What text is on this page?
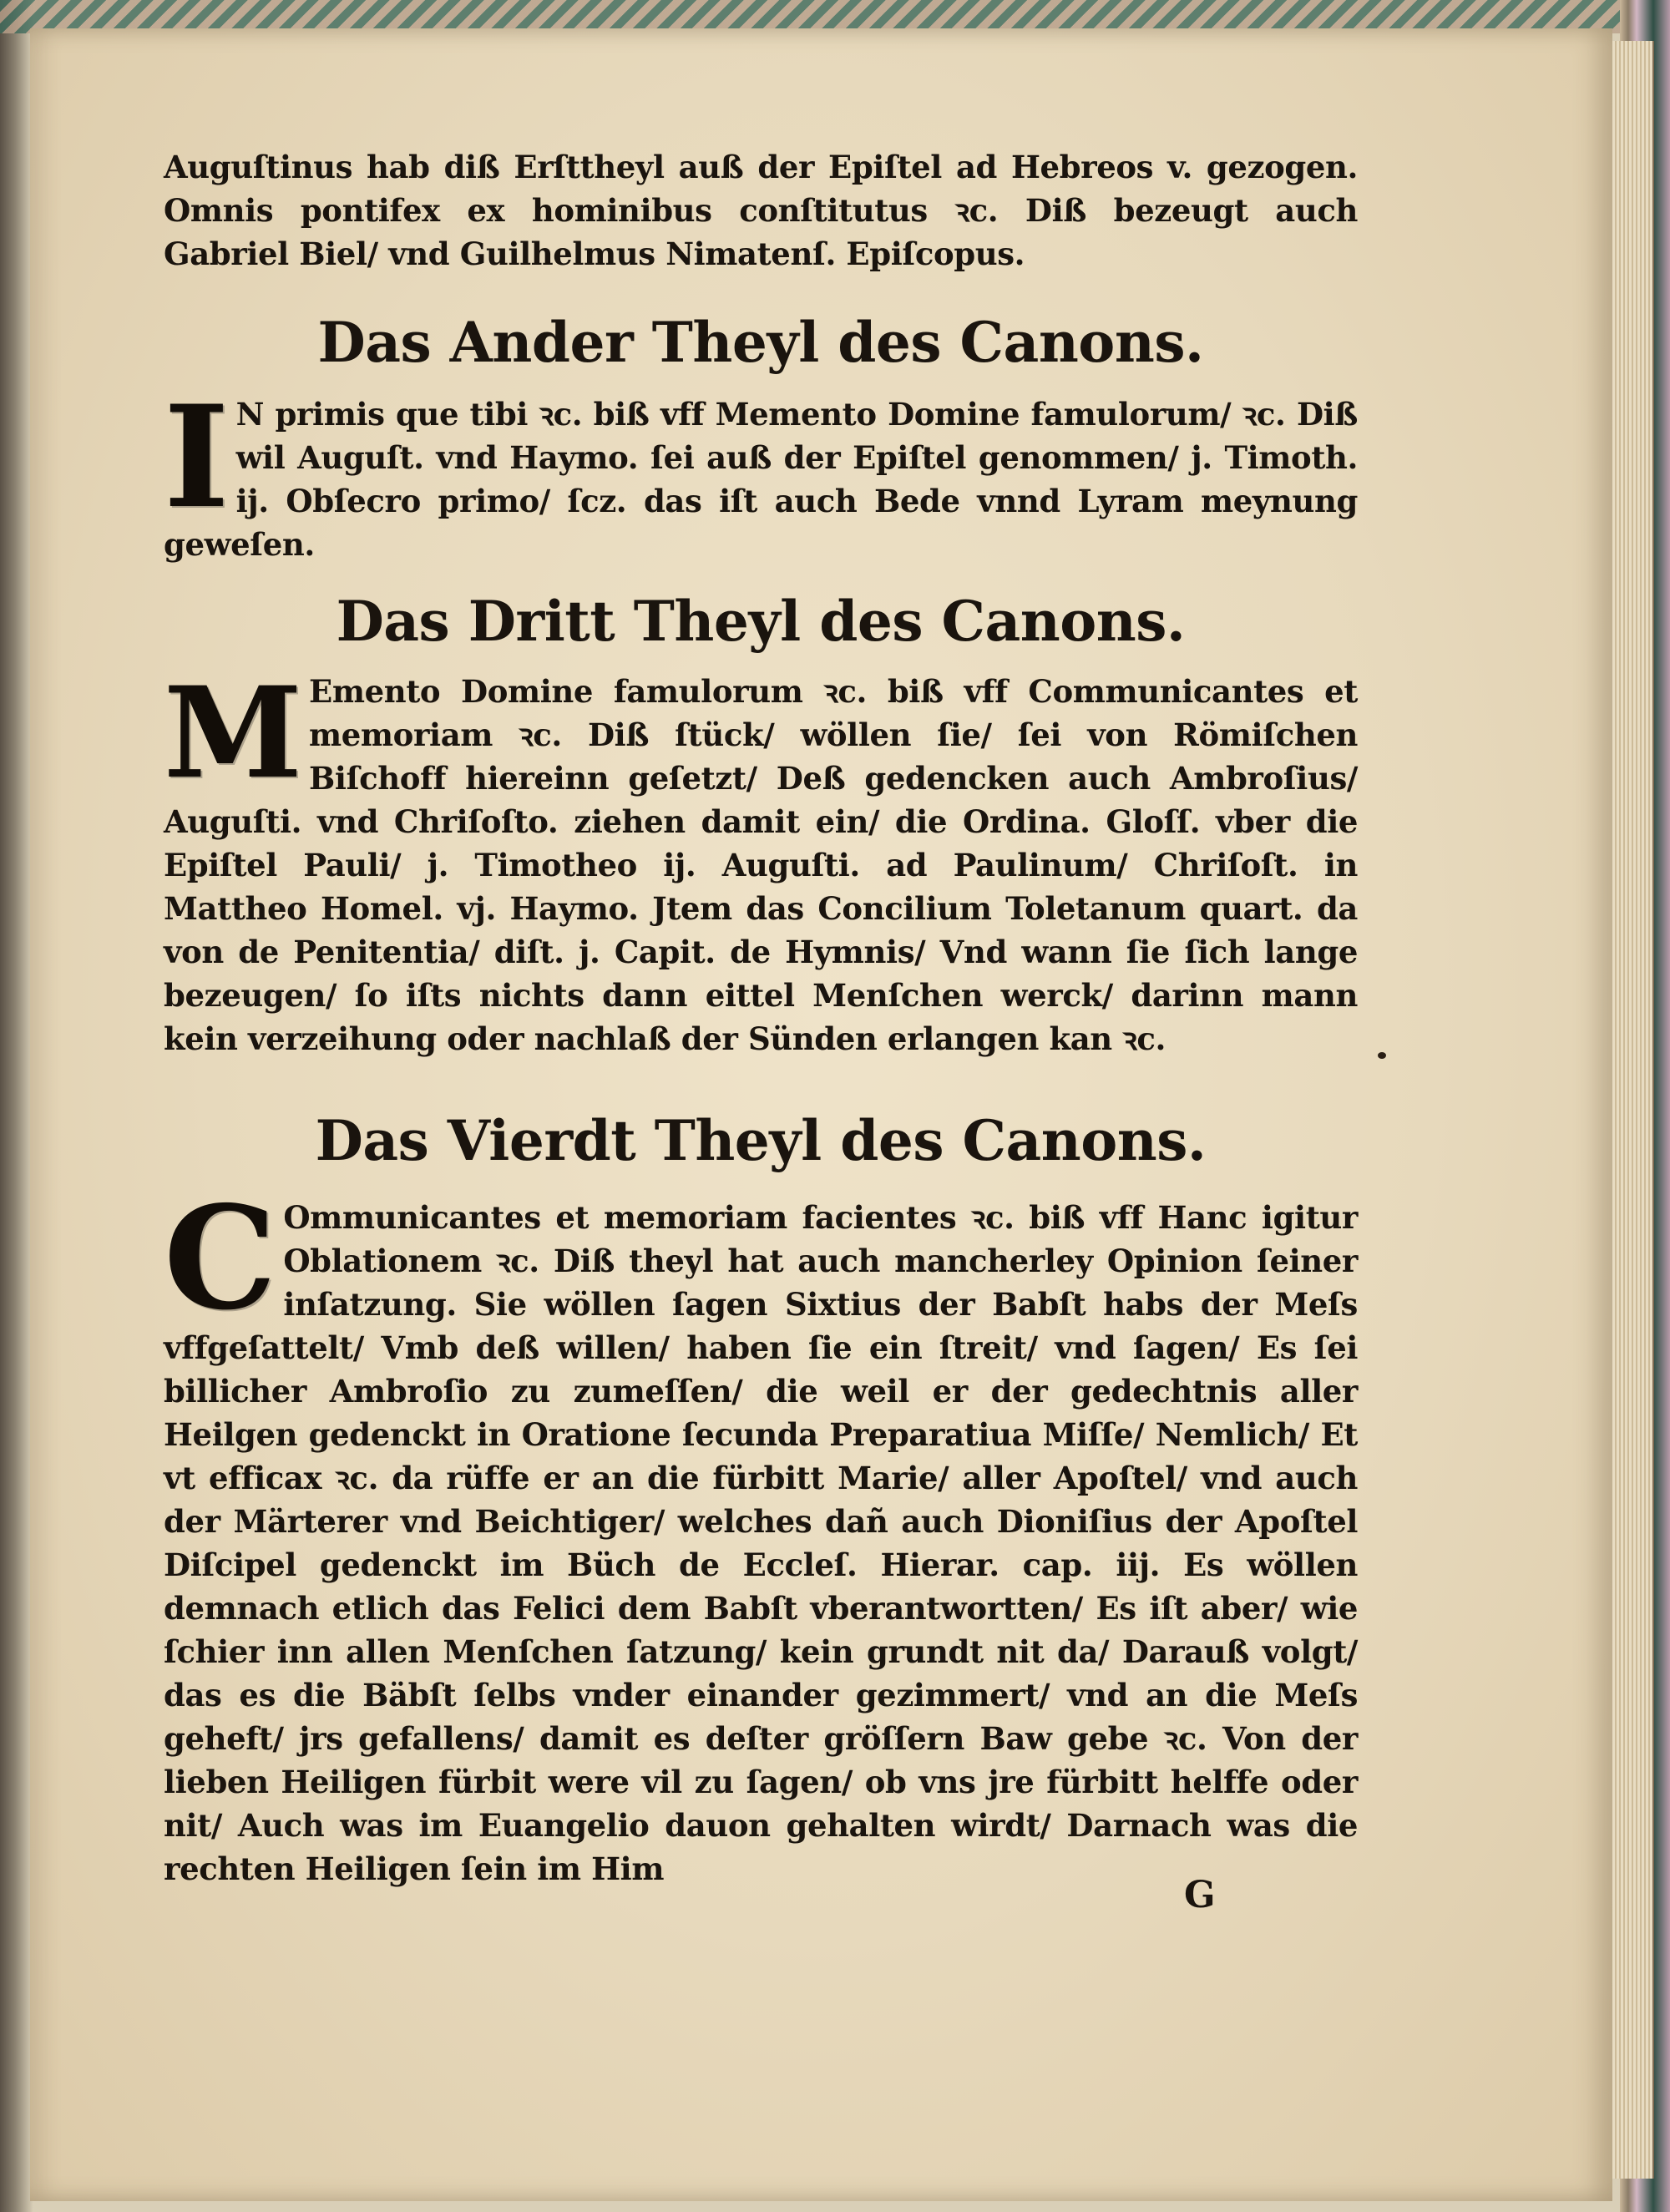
Auguſtinus hab diß Erſttheyl auß der Epiſtel ad Hebreos v. gezogen. Omnis pontifex ex hominibus conſtitutus ꝛc. Diß bezeugt auch Gabriel Biel/ vnd Guilhelmus Nimatenſ. Epiſcopus.

Das Ander Theyl des Canons.
I N primis que tibi ꝛc. biß vff Memento Domine famulorum/ ꝛc. Diß wil Auguſt. vnd Haymo. ſei auß der Epiſtel genommen/ j. Timoth. ij. Obſecro primo/ ſcz. das iſt auch Bede vnnd Lyram meynung geweſen.

Das Dritt Theyl des Canons.
M Emento Domine famulorum ꝛc. biß vff Communicantes et memoriam ꝛc. Diß ſtück/ wöllen ſie/ ſei von Römiſchen Biſchoff hiereinn geſetzt/ Deß gedencken auch Ambroſius/ Auguſti. vnd Chriſoſto. ziehen damit ein/ die Ordina. Gloſſ. vber die Epiſtel Pauli/ j. Timotheo ij. Auguſti. ad Paulinum/ Chriſoſt. in Mattheo Homel. vj. Haymo. Jtem das Concilium Toletanum quart. da von de Penitentia/ diſt. j. Capit. de Hymnis/ Vnd wann ſie ſich lange bezeugen/ ſo iſts nichts dann eittel Menſchen werck/ darinn mann kein verzeihung oder nachlaß der Sünden erlangen kan ꝛc.

Das Vierdt Theyl des Canons.
C Ommunicantes et memoriam facientes ꝛc. biß vff Hanc igitur Oblationem ꝛc. Diß theyl hat auch mancherley Opinion ſeiner inſatzung. Sie wöllen ſagen Sixtius der Babſt habs der Meſs vffgeſattelt/ Vmb deß willen/ haben ſie ein ſtreit/ vnd ſagen/ Es ſei billicher Ambroſio zu zumeſſen/ die weil er der gedechtnis aller Heilgen gedenckt in Oratione ſecunda Preparatiua Miſſe/ Nemlich/ Et vt efficax ꝛc. da rüffe er an die fürbitt Marie/ aller Apoſtel/ vnd auch der Märterer vnd Beichtiger/ welches dañ auch Dioniſius der Apoſtel Diſcipel gedenckt im Büch de Eccleſ. Hierar. cap. iij. Es wöllen demnach etlich das Felici dem Babſt vberantwortten/ Es iſt aber/ wie ſchier inn allen Menſchen ſatzung/ kein grundt nit da/ Darauß volgt/ das es die Bäbſt ſelbs vnder einander gezimmert/ vnd an die Meſs geheft/ jrs gefallens/ damit es deſter gröſſern Baw gebe ꝛc. Von der lieben Heiligen fürbit were vil zu ſagen/ ob vns jre fürbitt helffe oder nit/ Auch was im Euangelio dauon gehalten wirdt/ Darnach was die rechten Heiligen ſein im Him

G
